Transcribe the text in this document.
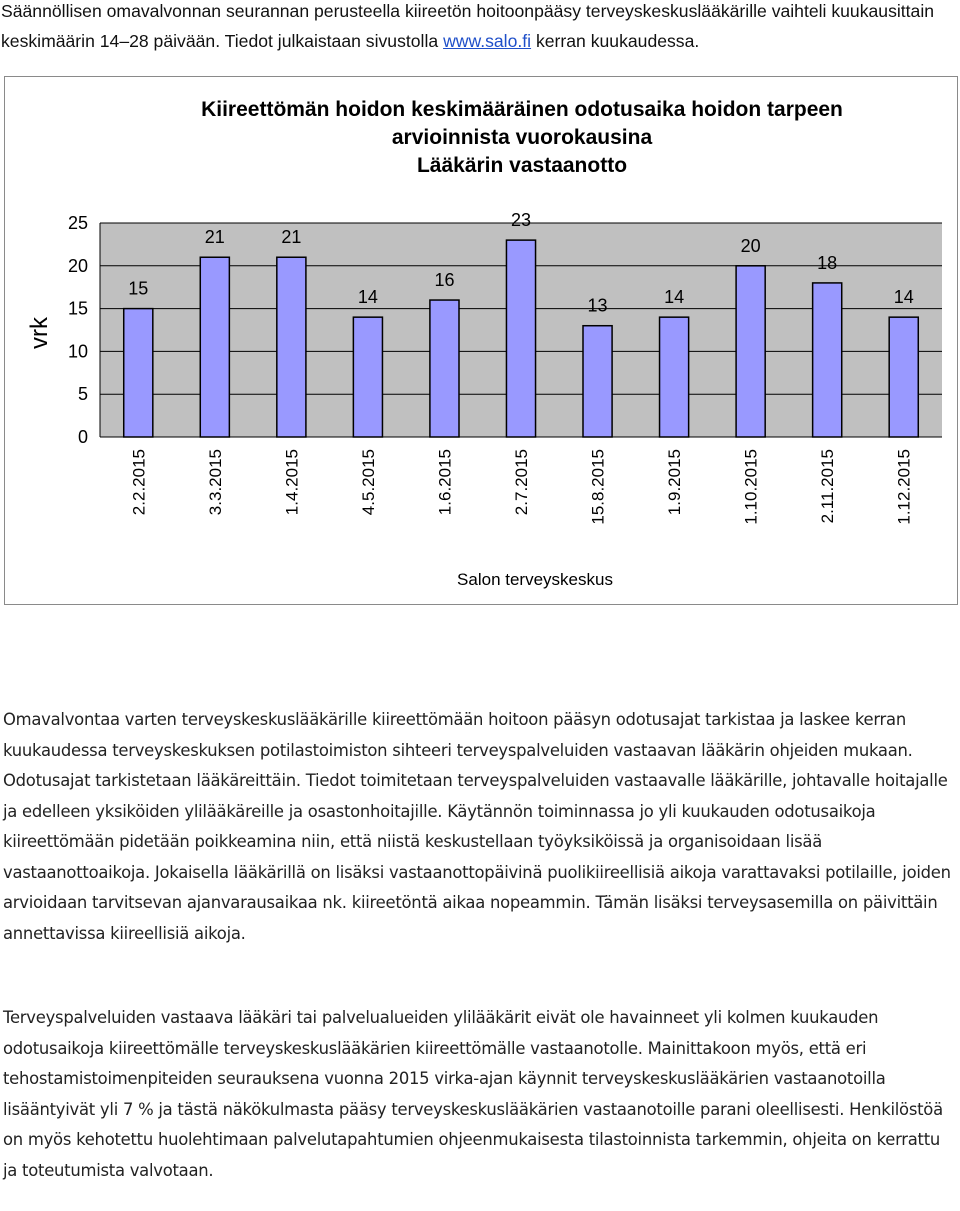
Säännöllisen omavalvonnan seurannan perusteella kiireetön hoitoonpääsy terveyskeskuslääkärille vaihteli kuukausittain keskimäärin 14–28 päivään. Tiedot julkaistaan sivustolla www.salo.fi kerran kuukaudessa.
Kiireettömän hoidon keskimääräinen odotusaika hoidon tarpeen
arvioinnista vuorokausina
Lääkärin vastaanotto
vrk
Salon terveyskeskus
0
5
10
15
20
25
15
2.2.2015
21
3.3.2015
21
1.4.2015
14
4.5.2015
16
1.6.2015
23
2.7.2015
13
15.8.2015
14
1.9.2015
20
1.10.2015
18
2.11.2015
14
1.12.2015

Omavalvontaa varten terveyskeskuslääkärille kiireettömään hoitoon pääsyn odotusajat tarkistaa ja laskee kerran kuukaudessa terveyskeskuksen potilastoimiston sihteeri terveyspalveluiden vastaavan lääkärin ohjeiden mukaan. Odotusajat tarkistetaan lääkäreittäin. Tiedot toimitetaan terveyspalveluiden vastaavalle lääkärille, johtavalle hoitajalle ja edelleen yksiköiden ylilääkäreille ja osastonhoitajille. Käytännön toiminnassa jo yli kuukauden odotusaikoja kiireettömään pidetään poikkeamina niin, että niistä keskustellaan työyksiköissä ja organisoidaan lisää vastaanottoaikoja. Jokaisella lääkärillä on lisäksi vastaanottopäivinä puolikiireellisiä aikoja varattavaksi potilaille, joiden arvioidaan tarvitsevan ajanvarausaikaa nk. kiireetöntä aikaa nopeammin. Tämän lisäksi terveysasemilla on päivittäin annettavissa kiireellisiä aikoja.

Terveyspalveluiden vastaava lääkäri tai palvelualueiden ylilääkärit eivät ole havainneet yli kolmen kuukauden odotusaikoja kiireettömälle terveyskeskuslääkärien kiireettömälle vastaanotolle. Mainittakoon myös, että eri tehostamistoimenpiteiden seurauksena vuonna 2015 virka-ajan käynnit terveyskeskuslääkärien vastaanotoilla lisääntyivät yli 7 % ja tästä näkökulmasta pääsy terveyskeskuslääkärien vastaanotoille parani oleellisesti. Henkilöstöä on myös kehotettu huolehtimaan palvelutapahtumien ohjeenmukaisesta tilastoinnista tarkemmin, ohjeita on kerrattu ja toteutumista valvotaan.
